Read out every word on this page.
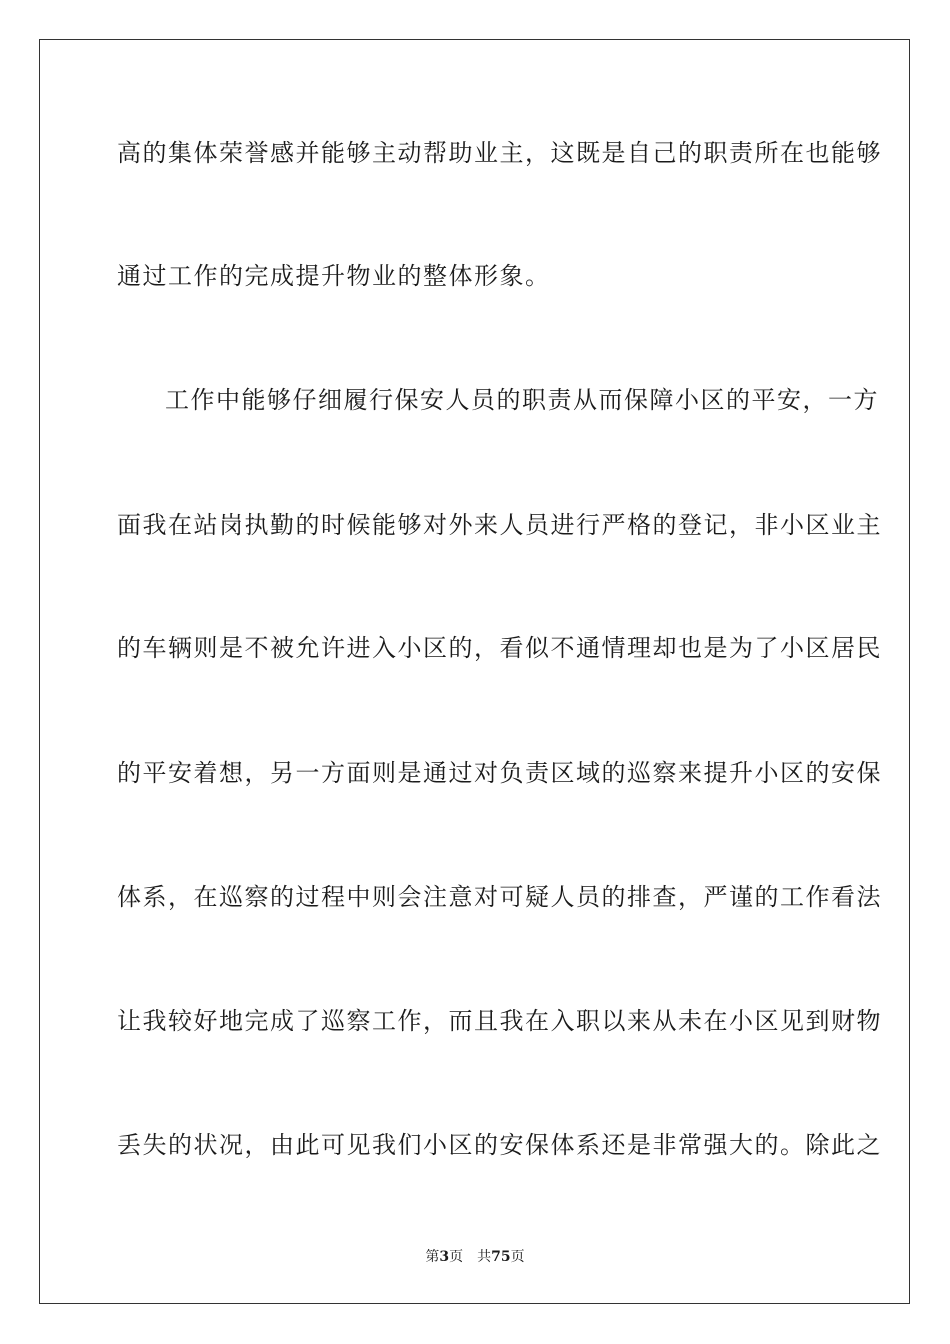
高的集体荣誉感并能够主动帮助业主，这既是自己的职责所在也能够
通过工作的完成提升物业的整体形象。
工作中能够仔细履行保安人员的职责从而保障小区的平安，一方
面我在站岗执勤的时候能够对外来人员进行严格的登记，非小区业主
的车辆则是不被允许进入小区的，看似不通情理却也是为了小区居民
的平安着想，另一方面则是通过对负责区域的巡察来提升小区的安保
体系，在巡察的过程中则会注意对可疑人员的排查，严谨的工作看法
让我较好地完成了巡察工作，而且我在入职以来从未在小区见到财物
丢失的状况，由此可见我们小区的安保体系还是非常强大的。除此之
第3页 共75页
